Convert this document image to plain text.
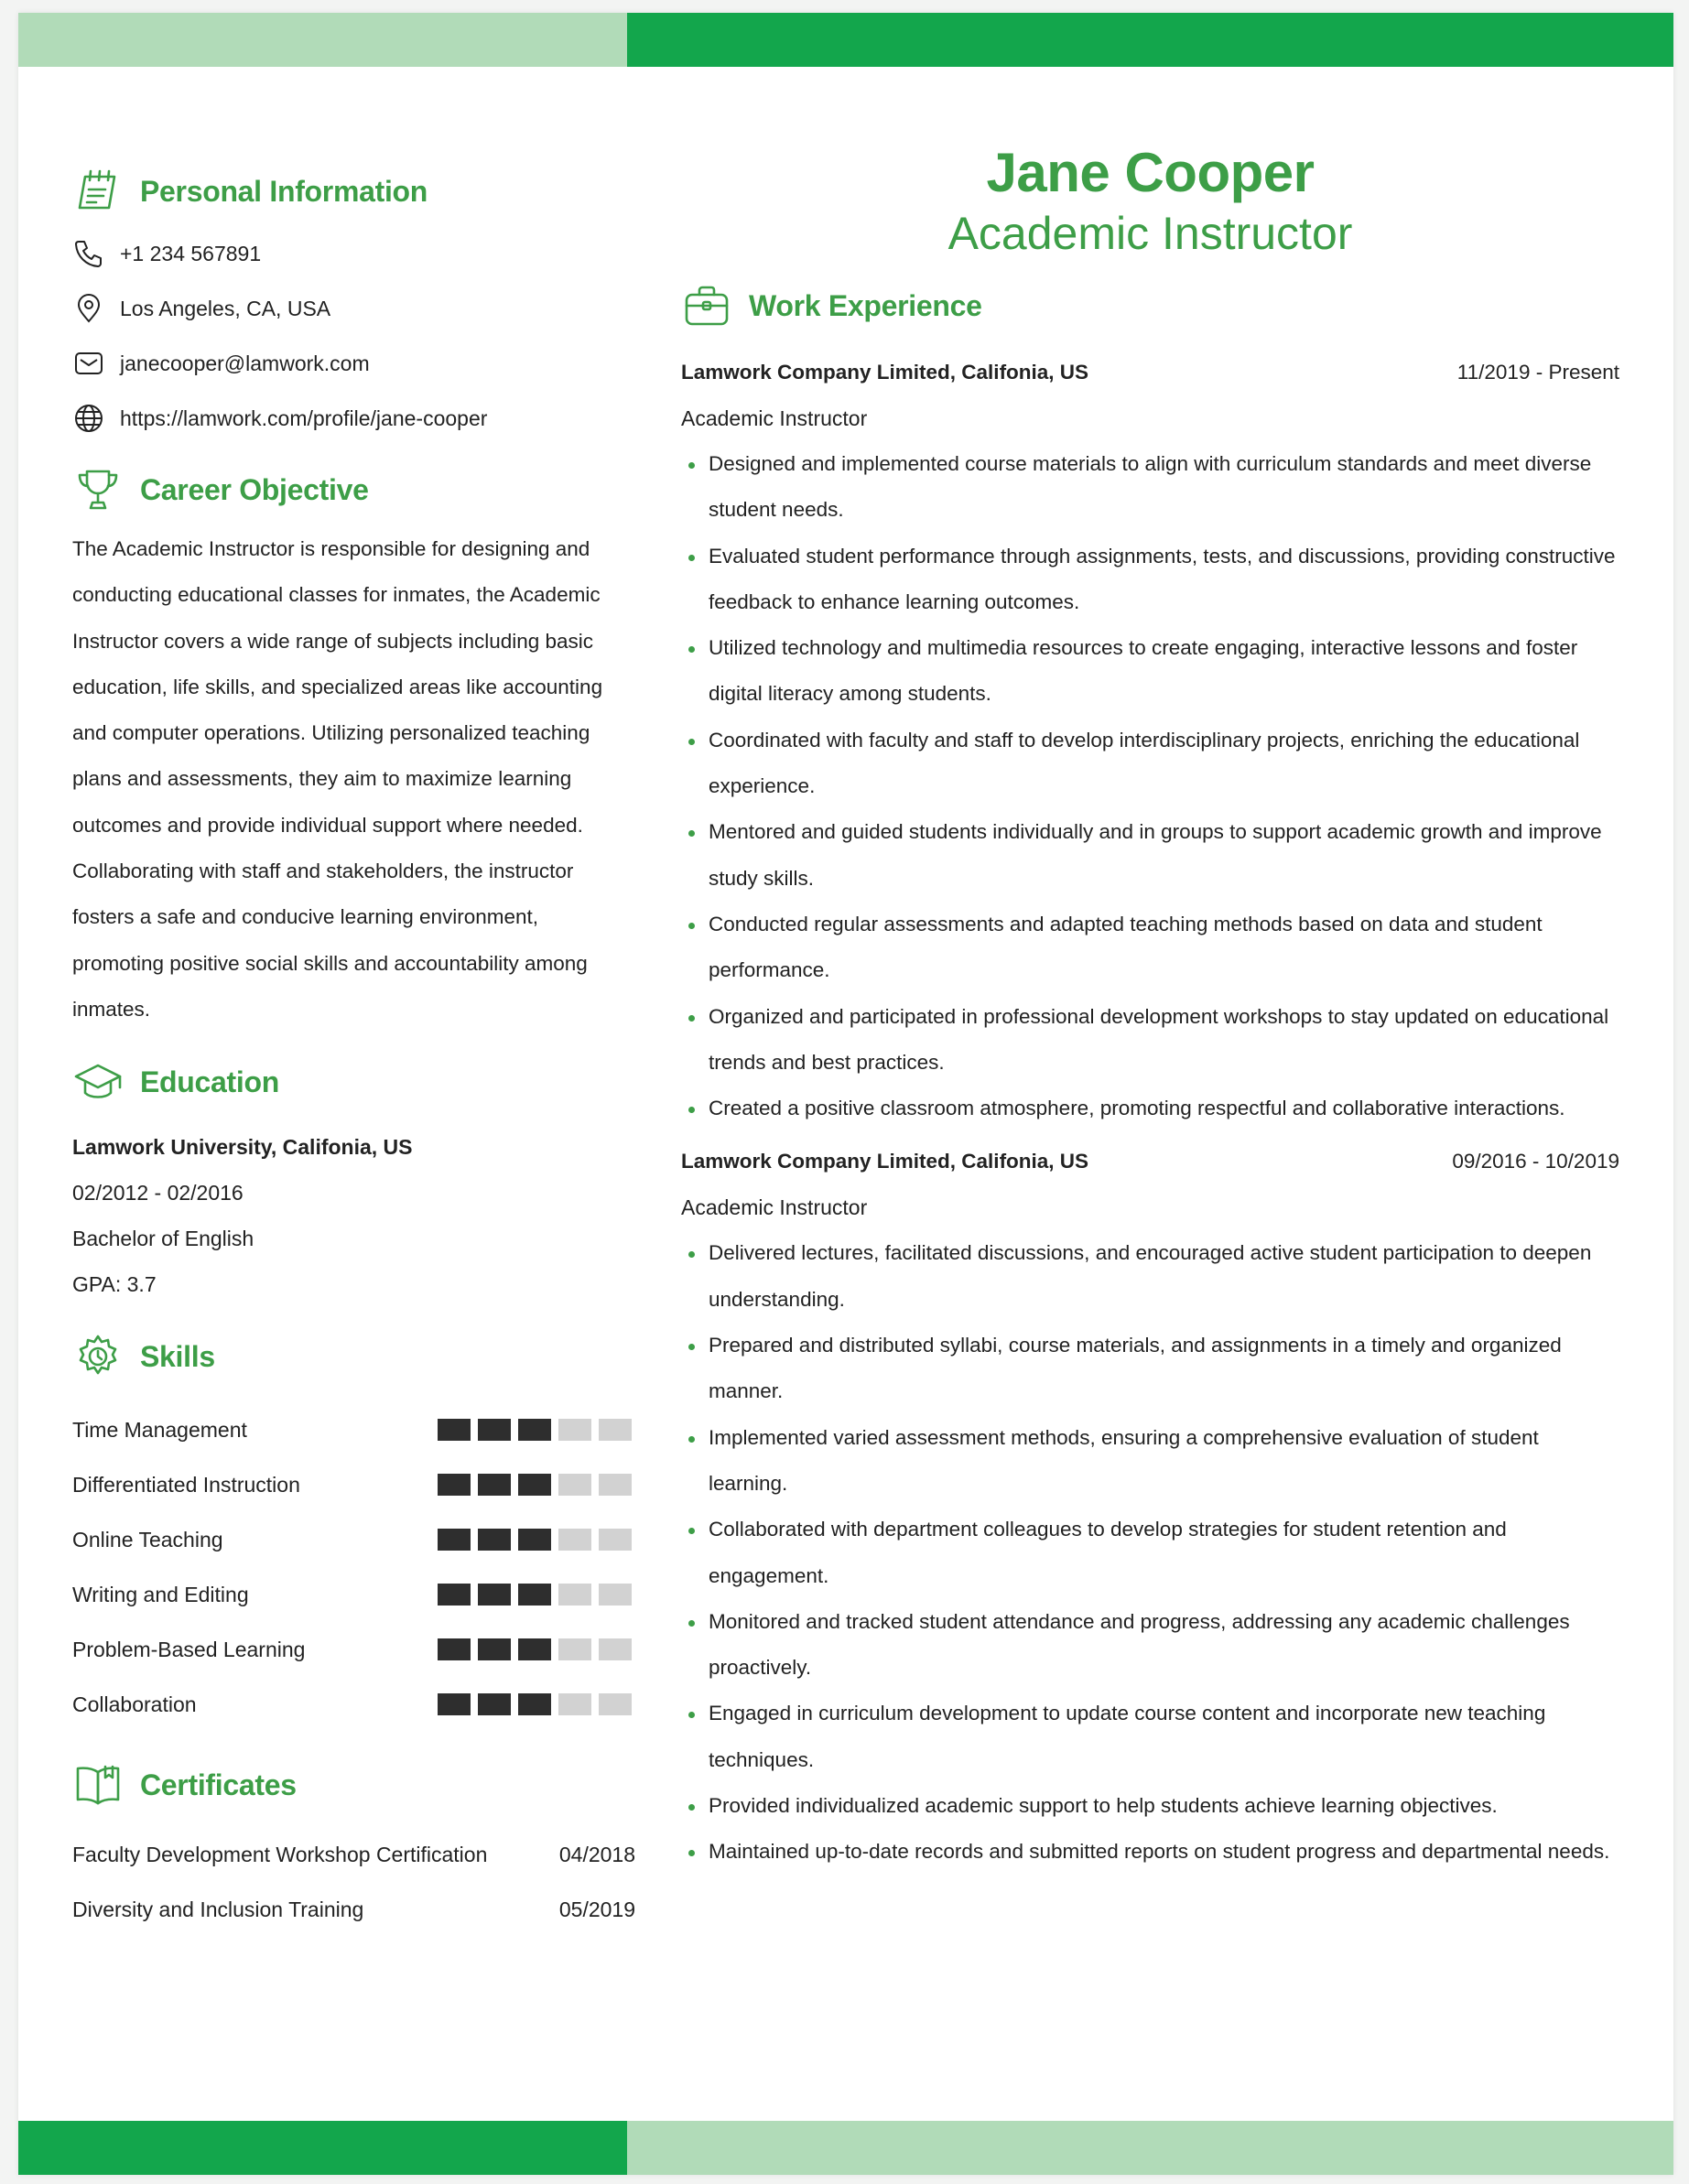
Personal Information
+1 234 567891
Los Angeles, CA, USA
janecooper@lamwork.com
https://lamwork.com/profile/jane-cooper
Career Objective
The Academic Instructor is responsible for designing and conducting educational classes for inmates, the Academic Instructor covers a wide range of subjects including basic education, life skills, and specialized areas like accounting and computer operations. Utilizing personalized teaching plans and assessments, they aim to maximize learning outcomes and provide individual support where needed. Collaborating with staff and stakeholders, the instructor fosters a safe and conducive learning environment, promoting positive social skills and accountability among inmates.
Education
Lamwork University, Califonia, US
02/2012 - 02/2016
Bachelor of English
GPA: 3.7
Skills
Time Management
Differentiated Instruction
Online Teaching
Writing and Editing
Problem-Based Learning
Collaboration
Certificates
Faculty Development Workshop Certification	04/2018
Diversity and Inclusion Training	05/2019
Jane Cooper
Academic Instructor
Work Experience
Lamwork Company Limited, Califonia, US	11/2019 - Present
Academic Instructor
Designed and implemented course materials to align with curriculum standards and meet diverse student needs.
Evaluated student performance through assignments, tests, and discussions, providing constructive feedback to enhance learning outcomes.
Utilized technology and multimedia resources to create engaging, interactive lessons and foster digital literacy among students.
Coordinated with faculty and staff to develop interdisciplinary projects, enriching the educational experience.
Mentored and guided students individually and in groups to support academic growth and improve study skills.
Conducted regular assessments and adapted teaching methods based on data and student performance.
Organized and participated in professional development workshops to stay updated on educational trends and best practices.
Created a positive classroom atmosphere, promoting respectful and collaborative interactions.
Lamwork Company Limited, Califonia, US	09/2016 - 10/2019
Academic Instructor
Delivered lectures, facilitated discussions, and encouraged active student participation to deepen understanding.
Prepared and distributed syllabi, course materials, and assignments in a timely and organized manner.
Implemented varied assessment methods, ensuring a comprehensive evaluation of student learning.
Collaborated with department colleagues to develop strategies for student retention and engagement.
Monitored and tracked student attendance and progress, addressing any academic challenges proactively.
Engaged in curriculum development to update course content and incorporate new teaching techniques.
Provided individualized academic support to help students achieve learning objectives.
Maintained up-to-date records and submitted reports on student progress and departmental needs.
